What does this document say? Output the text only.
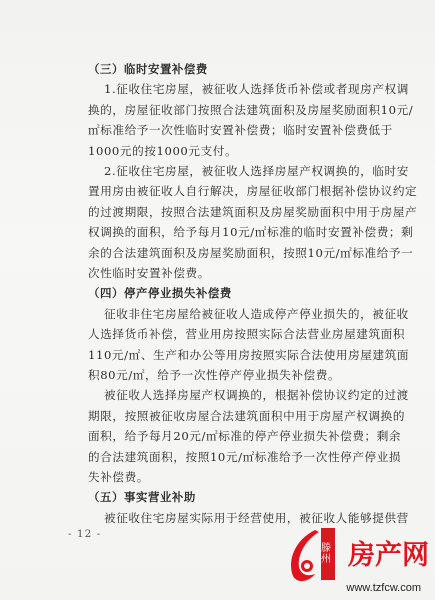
（三）临时安置补偿费
1.征收住宅房屋，被征收人选择货币补偿或者现房产权调
换的，房屋征收部门按照合法建筑面积及房屋奖励面积10元/
㎡标准给予一次性临时安置补偿费；临时安置补偿费低于
1000元的按1000元支付。
2.征收住宅房屋，被征收人选择房屋产权调换的，临时安
置用房由被征收人自行解决，房屋征收部门根据补偿协议约定
的过渡期限，按照合法建筑面积及房屋奖励面积中用于房屋产
权调换的面积，给予每月10元/㎡标准的临时安置补偿费；剩
余的合法建筑面积及房屋奖励面积，按照10元/㎡标准给予一
次性临时安置补偿费。
（四）停产停业损失补偿费
征收非住宅房屋给被征收人造成停产停业损失的，被征收
人选择货币补偿，营业用房按照实际合法营业房屋建筑面积
110元/㎡、生产和办公等用房按照实际合法使用房屋建筑面
积80元/㎡，给予一次性停产停业损失补偿费。
被征收人选择房屋产权调换的，根据补偿协议约定的过渡
期限，按照被征收房屋合法建筑面积中用于房屋产权调换的
面积，给予每月20元/㎡标准的停产停业损失补偿费；剩余
的合法建筑面积，按照10元/㎡标准给予一次性停产停业损
失补偿费。
（五）事实营业补助
被征收住宅房屋实际用于经营使用，被征收人能够提供营
- 12 -
滕州 房产网
www.tzfcw.com
